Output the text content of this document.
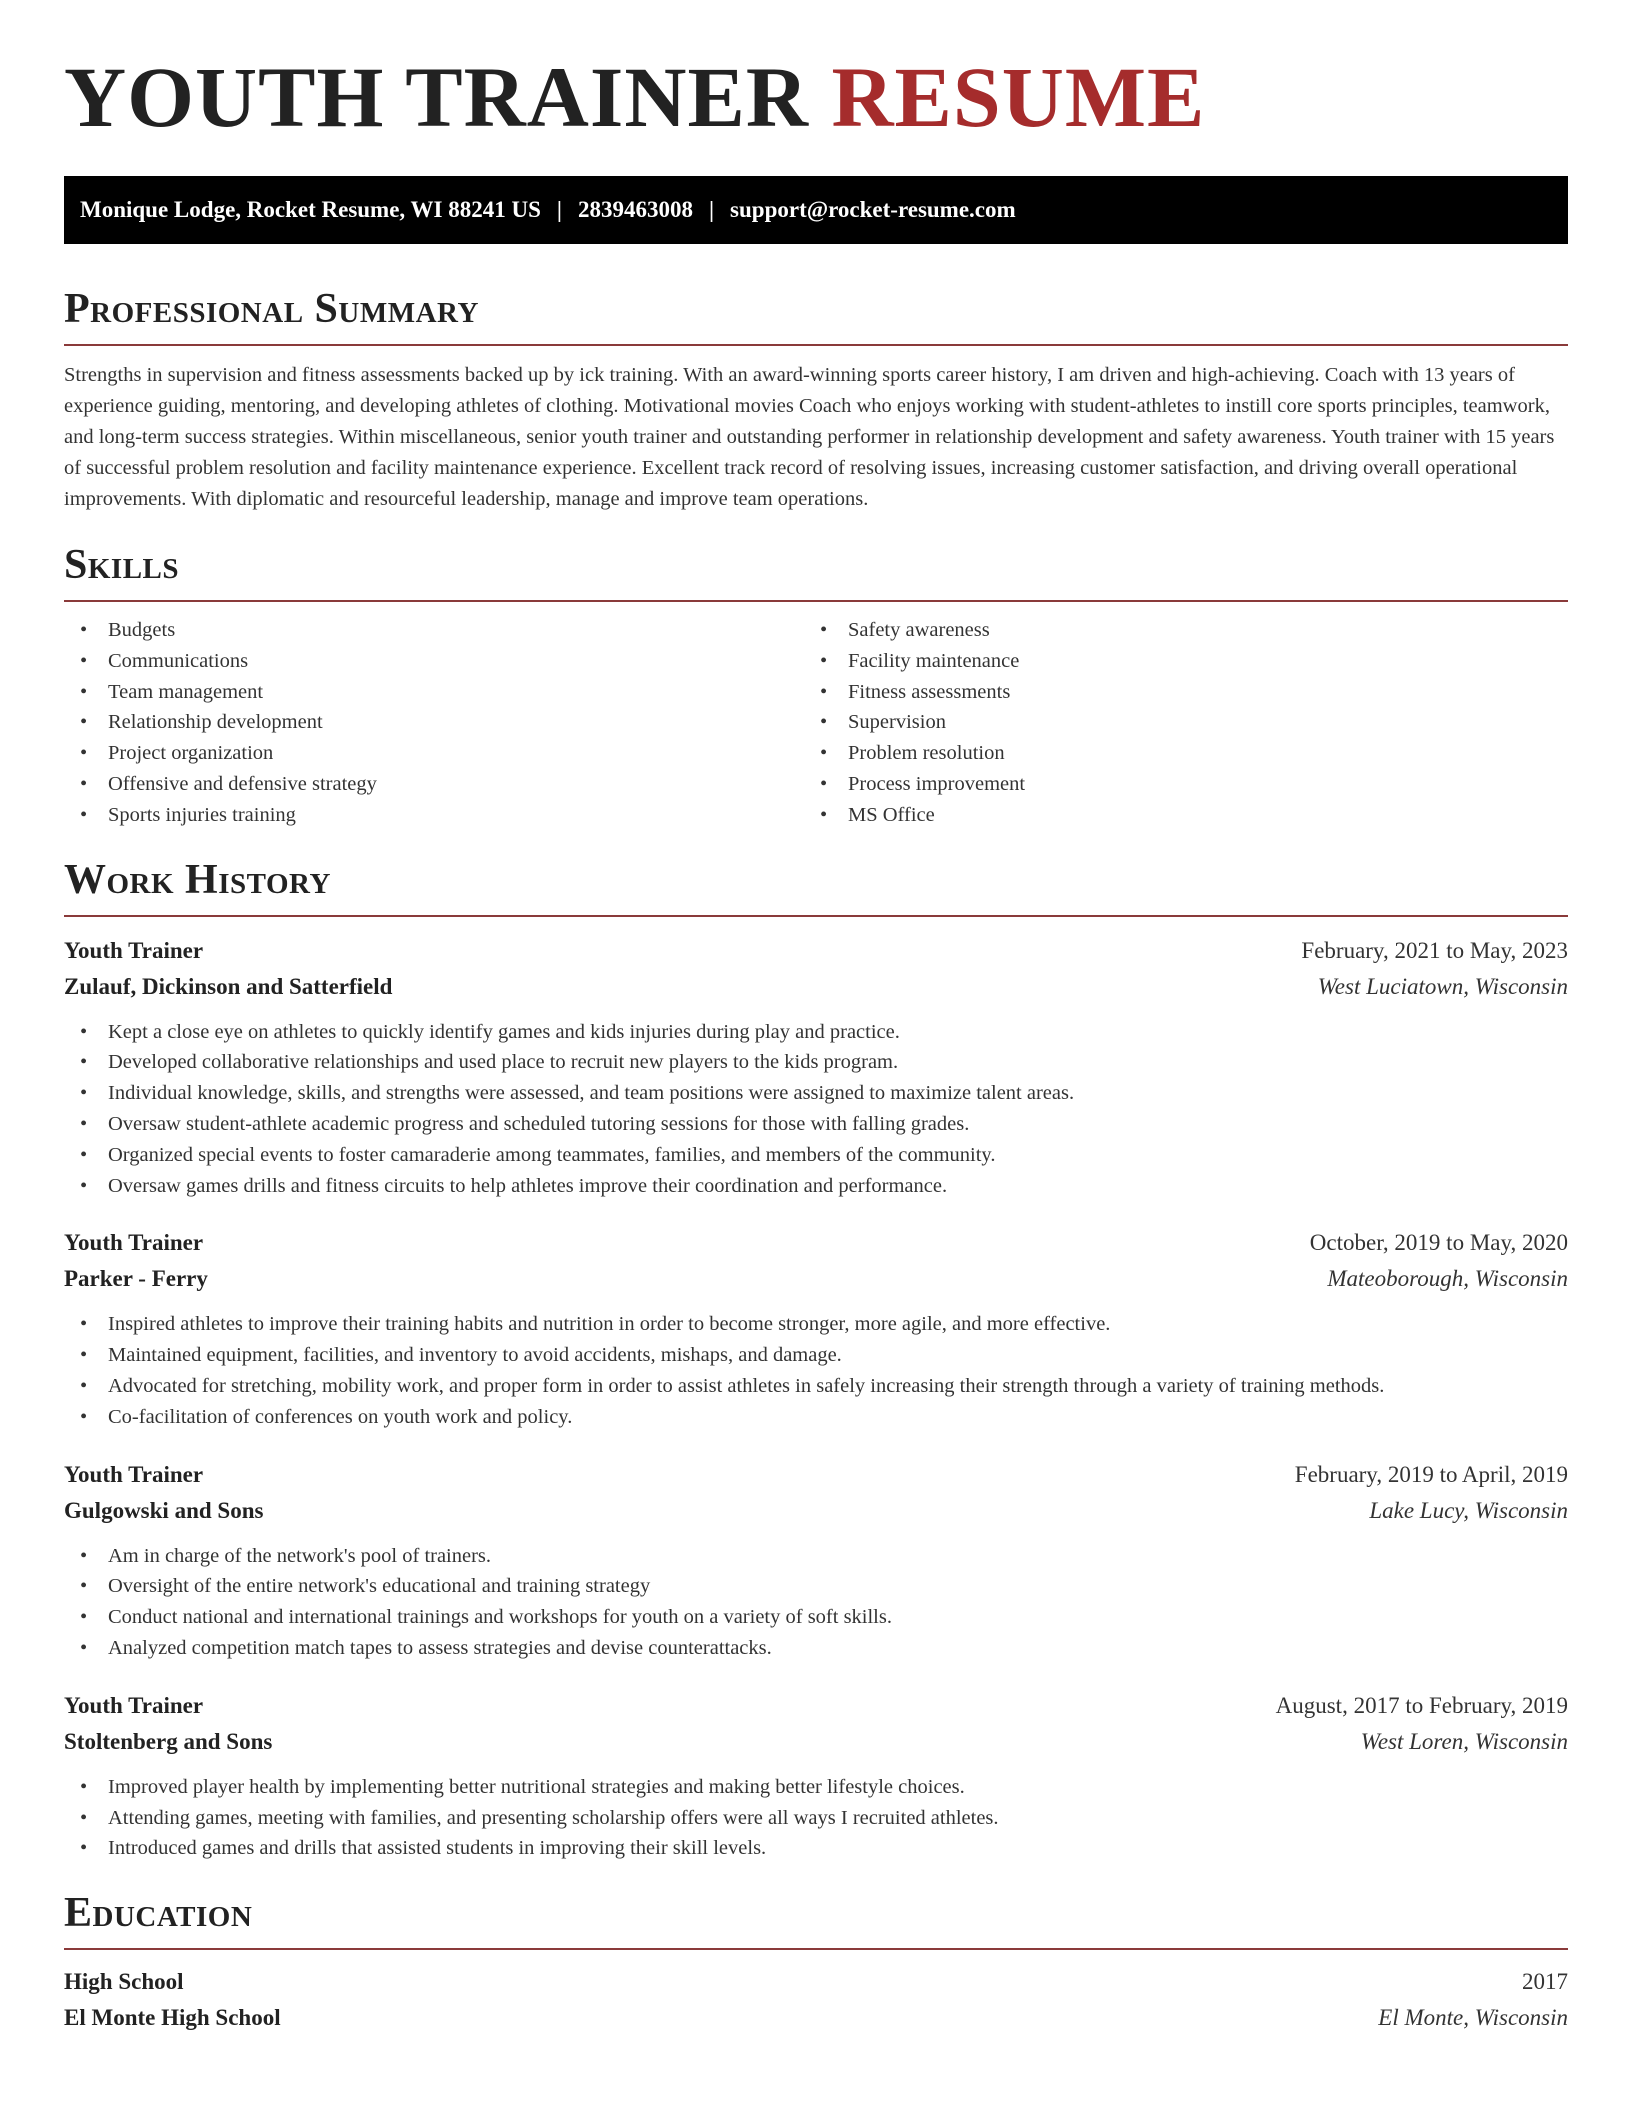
YOUTH TRAINER RESUME
Monique Lodge, Rocket Resume, WI 88241 US | 2839463008 | support@rocket-resume.com
Professional Summary

Strengths in supervision and fitness assessments backed up by ick training. With an award-winning sports career history, I am driven and high-achieving. Coach with 13 years of experience guiding, mentoring, and developing athletes of clothing. Motivational movies Coach who enjoys working with student-athletes to instill core sports principles, teamwork, and long-term success strategies. Within miscellaneous, senior youth trainer and outstanding performer in relationship development and safety awareness. Youth trainer with 15 years of successful problem resolution and facility maintenance experience. Excellent track record of resolving issues, increasing customer satisfaction, and driving overall operational improvements. With diplomatic and resourceful leadership, manage and improve team operations.

Skills
• Budgets
• Communications
• Team management
• Relationship development
• Project organization
• Offensive and defensive strategy
• Sports injuries training
• Safety awareness
• Facility maintenance
• Fitness assessments
• Supervision
• Problem resolution
• Process improvement
• MS Office
Work History
Youth Trainer	February, 2021 to May, 2023
Zulauf, Dickinson and Satterfield	West Luciatown, Wisconsin
• Kept a close eye on athletes to quickly identify games and kids injuries during play and practice.
• Developed collaborative relationships and used place to recruit new players to the kids program.
• Individual knowledge, skills, and strengths were assessed, and team positions were assigned to maximize talent areas.
• Oversaw student-athlete academic progress and scheduled tutoring sessions for those with falling grades.
• Organized special events to foster camaraderie among teammates, families, and members of the community.
• Oversaw games drills and fitness circuits to help athletes improve their coordination and performance.
Youth Trainer	October, 2019 to May, 2020
Parker - Ferry	Mateoborough, Wisconsin
• Inspired athletes to improve their training habits and nutrition in order to become stronger, more agile, and more effective.
• Maintained equipment, facilities, and inventory to avoid accidents, mishaps, and damage.
• Advocated for stretching, mobility work, and proper form in order to assist athletes in safely increasing their strength through a variety of training methods.
• Co-facilitation of conferences on youth work and policy.
Youth Trainer	February, 2019 to April, 2019
Gulgowski and Sons	Lake Lucy, Wisconsin
• Am in charge of the network's pool of trainers.
• Oversight of the entire network's educational and training strategy
• Conduct national and international trainings and workshops for youth on a variety of soft skills.
• Analyzed competition match tapes to assess strategies and devise counterattacks.
Youth Trainer	August, 2017 to February, 2019
Stoltenberg and Sons	West Loren, Wisconsin
• Improved player health by implementing better nutritional strategies and making better lifestyle choices.
• Attending games, meeting with families, and presenting scholarship offers were all ways I recruited athletes.
• Introduced games and drills that assisted students in improving their skill levels.
Education
High School	2017
El Monte High School	El Monte, Wisconsin
